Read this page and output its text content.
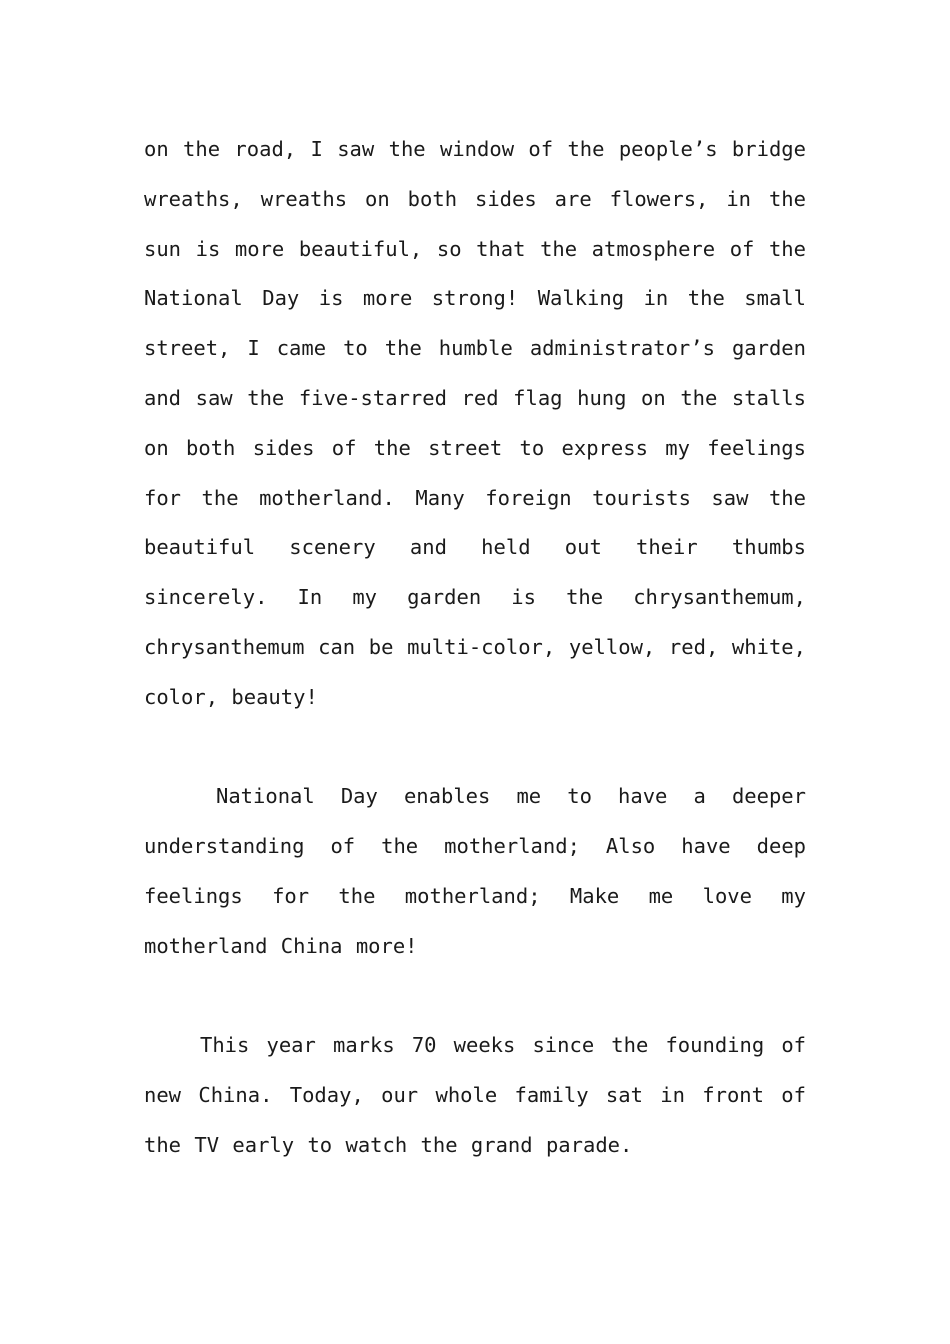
on the road, I saw the window of the people’s bridge wreaths, wreaths on both sides are flowers, in the sun is more beautiful, so that the atmosphere of the National Day is more strong! Walking in the small street, I came to the humble administrator’s garden and saw the five-starred red flag hung on the stalls on both sides of the street to express my feelings for the motherland. Many foreign tourists saw the beautiful scenery and held out their thumbs sincerely. In my garden is the chrysanthemum, chrysanthemum can be multi-color, yellow, red, white, color, beauty!

National Day enables me to have a deeper understanding of the motherland; Also have deep feelings for the motherland; Make me love my motherland China more!

This year marks 70 weeks since the founding of new China. Today, our whole family sat in front of the TV early to watch the grand parade.
